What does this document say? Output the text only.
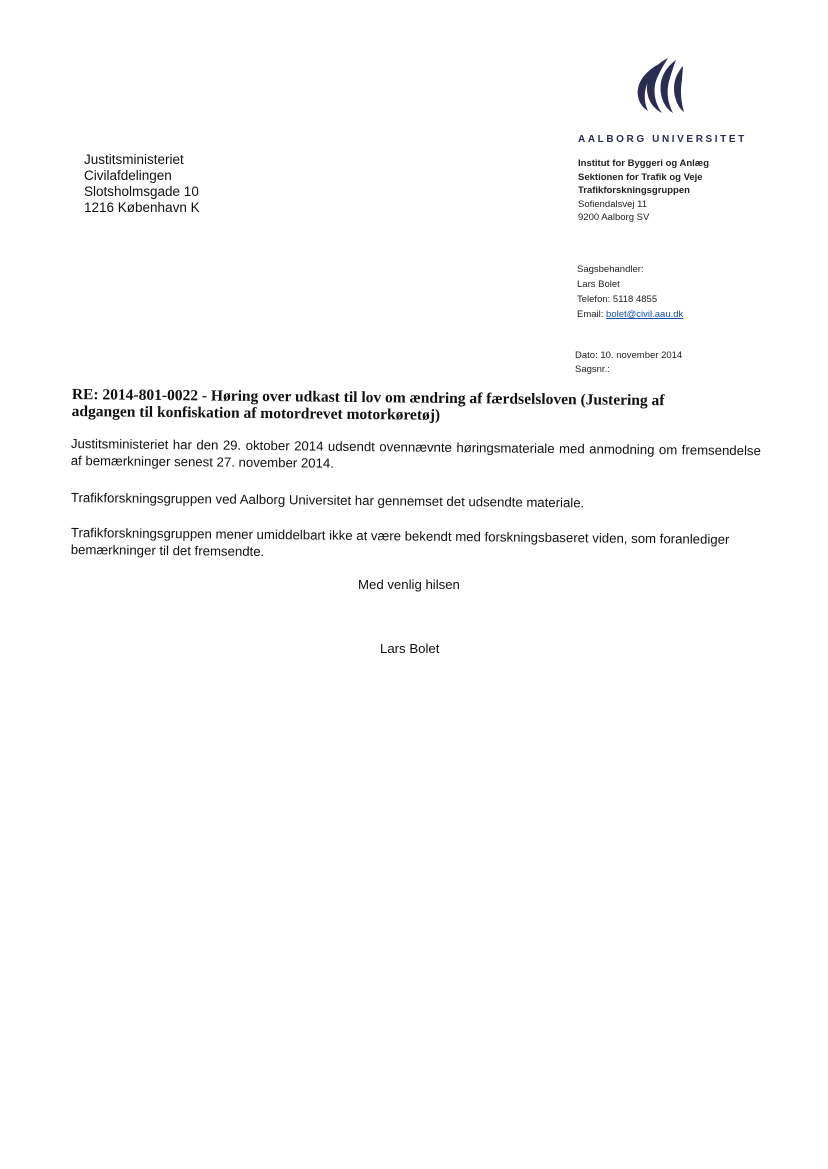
Justitsministeriet
Civilafdelingen
Slotsholmsgade 10
1216 København K
AALBORG UNIVERSITET
Institut for Byggeri og Anlæg
Sektionen for Trafik og Veje
Trafikforskningsgruppen
Sofiendalsvej 11
9200 Aalborg SV
Sagsbehandler:
Lars Bolet
Telefon: 5118 4855
Email: bolet@civil.aau.dk
Dato: 10. november 2014
Sagsnr.:
RE: 2014-801-0022 - Høring over udkast til lov om ændring af færdselsloven (Justering af adgangen til konfiskation af motordrevet motorkøretøj)
Justitsministeriet har den 29. oktober 2014 udsendt ovennævnte høringsmateriale med anmodning om fremsendelse af bemærkninger senest 27. november 2014.
Trafikforskningsgruppen ved Aalborg Universitet har gennemset det udsendte materiale.
Trafikforskningsgruppen mener umiddelbart ikke at være bekendt med forskningsbaseret viden, som foranlediger bemærkninger til det fremsendte.
Med venlig hilsen
Lars Bolet
